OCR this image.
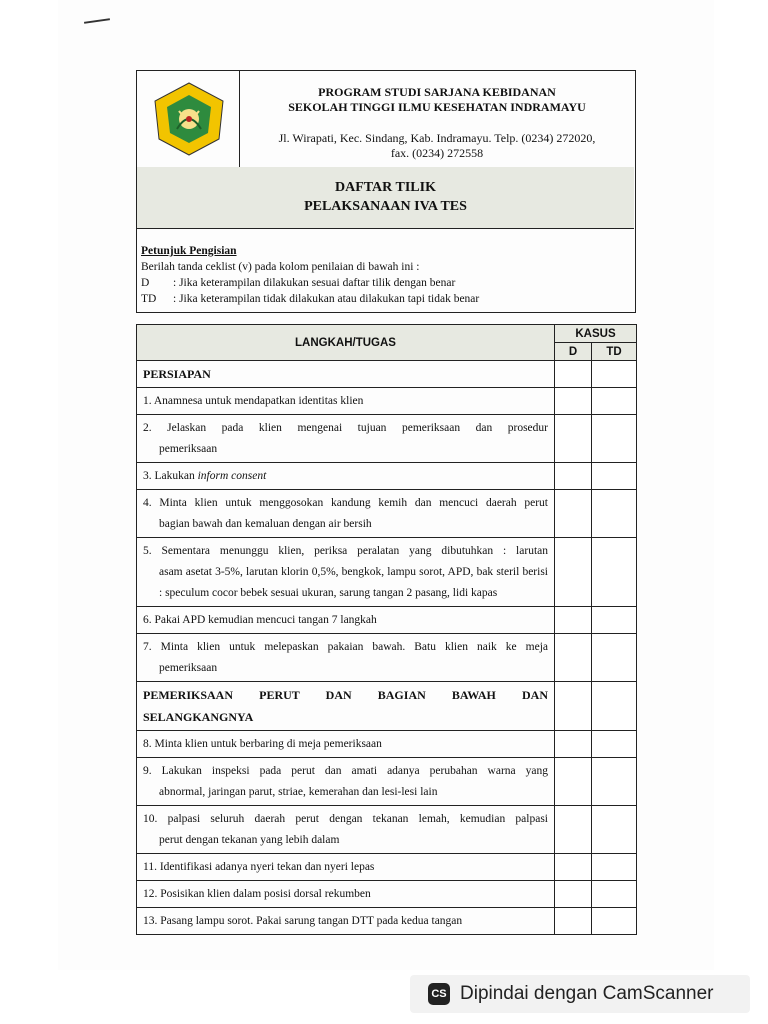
PROGRAM STUDI SARJANA KEBIDANAN
SEKOLAH TINGGI ILMU KESEHATAN INDRAMAYU
Jl. Wirapati, Kec. Sindang, Kab. Indramayu. Telp. (0234) 272020,
fax. (0234) 272558
DAFTAR TILIK
PELAKSANAAN IVA TES
Petunjuk Pengisian
Berilah tanda ceklist (v) pada kolom penilaian di bawah ini :
D	: Jika keterampilan dilakukan sesuai daftar tilik dengan benar
TD	: Jika keterampilan tidak dilakukan atau dilakukan tapi tidak benar
LANGKAH/TUGAS	KASUS	
	D	TD
PERSIAPAN		

1. Anamnesa untuk mendapatkan identitas klien		

2. Jelaskan pada klien mengenai tujuan pemeriksaan dan prosedur
pemeriksaan		

3. Lakukan inform consent		

4. Minta klien untuk menggosokan kandung kemih dan mencuci daerah perut
bagian bawah dan kemaluan dengan air bersih		

5. Sementara menunggu klien, periksa peralatan yang dibutuhkan : larutan
asam asetat 3-5%, larutan klorin 0,5%, bengkok, lampu sorot, APD, bak steril berisi : speculum cocor bebek sesuai ukuran, sarung tangan 2 pasang, lidi kapas		

6. Pakai APD kemudian mencuci tangan 7 langkah		

7. Minta klien untuk melepaskan pakaian bawah. Batu klien naik ke meja
pemeriksaan		

PEMERIKSAAN PERUT DAN BAGIAN BAWAH DAN
SELANGKANGNYA		

8. Minta klien untuk berbaring di meja pemeriksaan		

9. Lakukan inspeksi pada perut dan amati adanya perubahan warna yang
abnormal, jaringan parut, striae, kemerahan dan lesi-lesi lain		

10. palpasi seluruh daerah perut dengan tekanan lemah, kemudian palpasi
perut dengan tekanan yang lebih dalam		

11. Identifikasi adanya nyeri tekan dan nyeri lepas		

12. Posisikan klien dalam posisi dorsal rekumben		

13. Pasang lampu sorot. Pakai sarung tangan DTT pada kedua tangan		

CS Dipindai dengan CamScanner
